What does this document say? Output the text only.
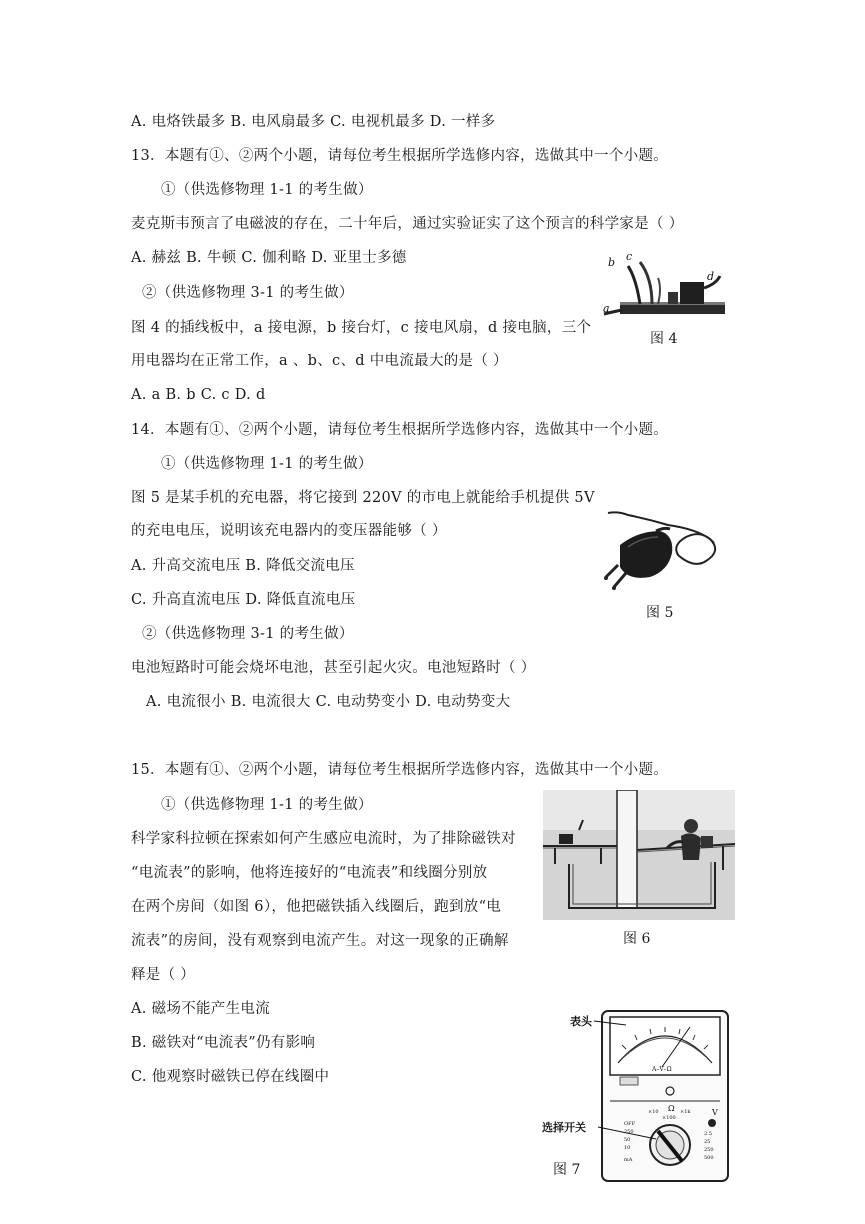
A. 电烙铁最多 B. 电风扇最多 C. 电视机最多 D. 一样多
13．本题有①、②两个小题，请每位考生根据所学选修内容，选做其中一个小题。
①（供选修物理 1-1 的考生做）
麦克斯韦预言了电磁波的存在，二十年后，通过实验证实了这个预言的科学家是（ ）
A. 赫兹 B. 牛顿 C. 伽利略 D. 亚里士多德
②（供选修物理 3-1 的考生做）
图 4 的插线板中，a 接电源，b 接台灯，c 接电风扇，d 接电脑，三个
用电器均在正常工作，a 、b、c、d 中电流最大的是（ ）
A. a B. b C. c D. d
14．本题有①、②两个小题，请每位考生根据所学选修内容，选做其中一个小题。
①（供选修物理 1-1 的考生做）
图 5 是某手机的充电器，将它接到 220V 的市电上就能给手机提供 5V
的充电电压，说明该充电器内的变压器能够（ ）
A. 升高交流电压 B. 降低交流电压
C. 升高直流电压 D. 降低直流电压
②（供选修物理 3-1 的考生做）
电池短路时可能会烧坏电池，甚至引起火灾。电池短路时（ ）
A. 电流很小 B. 电流很大 C. 电动势变小 D. 电动势变大
15．本题有①、②两个小题，请每位考生根据所学选修内容，选做其中一个小题。
①（供选修物理 1-1 的考生做）
科学家科拉顿在探索如何产生感应电流时，为了排除磁铁对
“电流表”的影响，他将连接好的“电流表”和线圈分别放
在两个房间（如图 6），他把磁铁插入线圈后，跑到放“电
流表”的房间，没有观察到电流产生。对这一现象的正确解
释是（ ）
A. 磁场不能产生电流
B. 磁铁对“电流表”仍有影响
C. 他观察时磁铁已停在线圈中
a
b c
d
图 4
图 5
图 6
A–V–Ω
Ω
×10
×100
×1k	V
OFF
250
50
10
2.5
25
250
500
mA
表头
选择开关
图 7
